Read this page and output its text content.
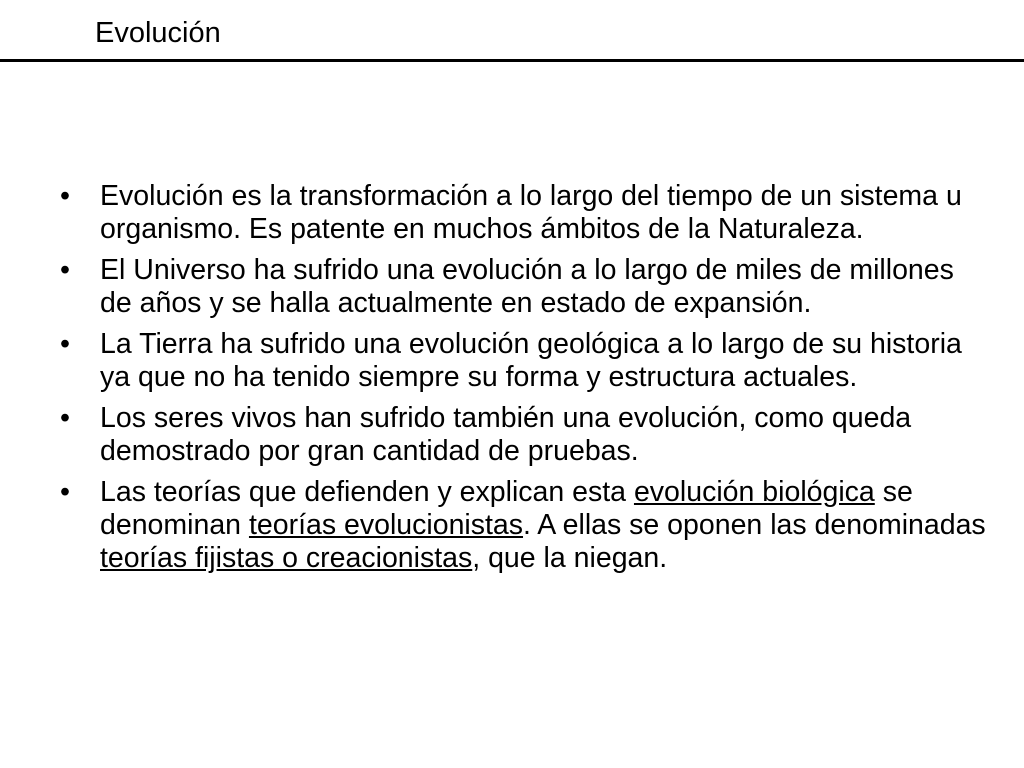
Evolución
•	Evolución es la transformación a lo largo del tiempo de un sistema u organismo. Es patente en muchos ámbitos de la Naturaleza.
•	El Universo ha sufrido una evolución a lo largo de miles de millones de años y se halla actualmente en estado de expansión.
•	La Tierra ha sufrido una evolución geológica a lo largo de su historia ya que no ha tenido siempre su forma y estructura actuales.
•	Los seres vivos han sufrido también una evolución, como queda demostrado por gran cantidad de pruebas.
•	Las teorías que defienden y explican esta evolución biológica se denominan teorías evolucionistas. A ellas se oponen las denominadas teorías fijistas o creacionistas, que la niegan.
